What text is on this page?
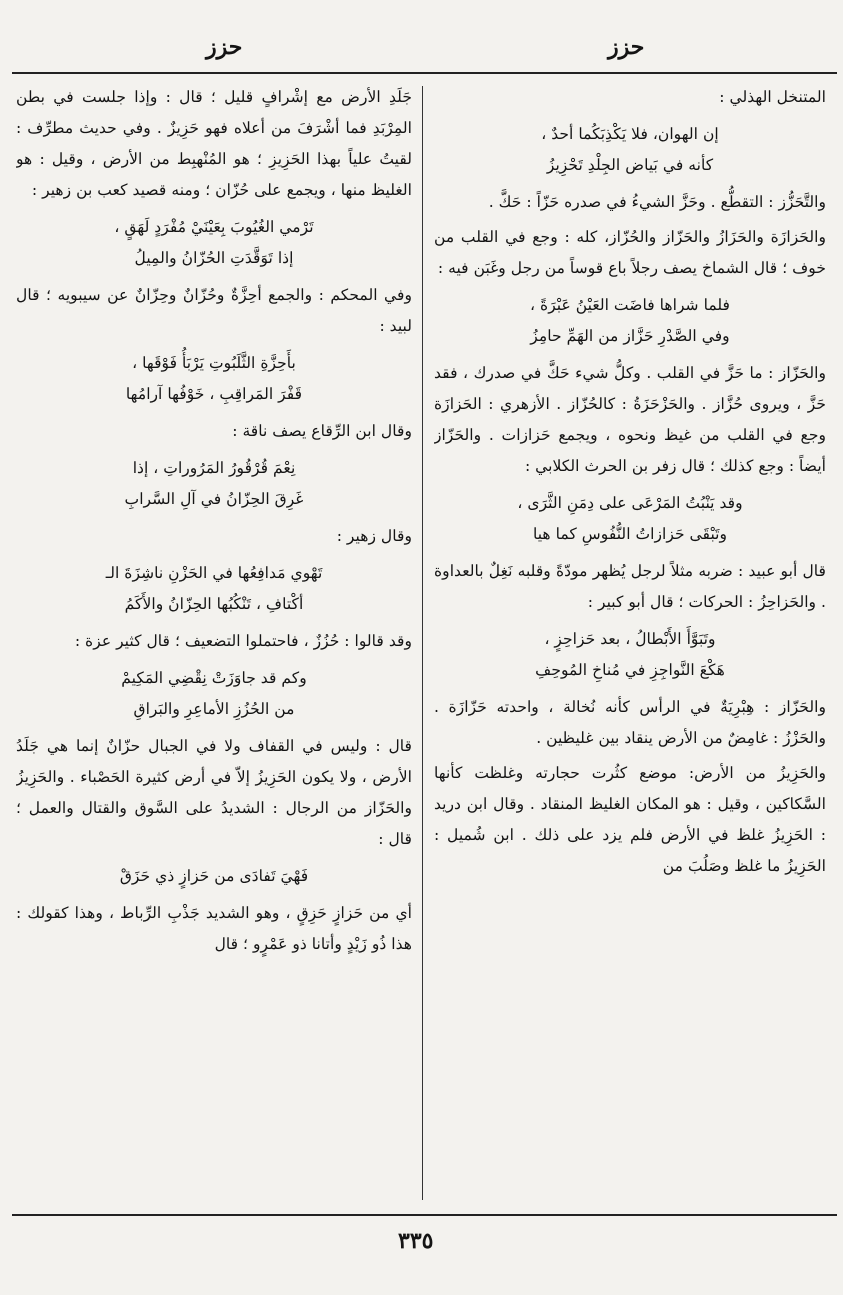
حزز
حزز
المتنخل الهذلي :
إن الهوان، فلا يَكْذِبَكُما أحدٌ ،
كأنه في بَياض الجِلْدِ تَحْزِيزُ
والتَّحَزُّز : التقطُّع . وحَزَّ الشيءُ في صدره حَزّاً : حَكَّ .
والحَزازَة والحَزَازُ والحَزّاز والحُزّاز، كله : وجع في القلب من خوف ؛ قال الشماخ يصف رجلاً باع قوساً من رجل وغَبَن فيه :
فلما شراها فاضَت العَيْنُ عَبْرَةً ،
وفي الصَّدْرِ حَزَّاز من الهَمِّ حامِزُ
والحَزّاز : ما حَزَّ في القلب . وكلُّ شيء حَكَّ في صدرك ، فقد حَزَّ ، ويروى حُزَّاز . والحَزْحَزَةُ : كالحُزّاز . الأزهري : الحَزازَة وجع في القلب من غيظ ونحوه ، ويجمع حَزازات . والحَزّاز أيضاً : وجع كذلك ؛ قال زفر بن الحرث الكلابي :
وقد يَنْبُتُ المَرْعَى على دِمَنِ الثَّرَى ،
وتَبْقَى حَزازاتُ النُّفُوسِ كما هيا
قال أبو عبيد : ضربه مثلاً لرجل يُظهر مودّةً وقلبه نَغِلٌ بالعداوة . والحَزاحِزُ : الحركات ؛ قال أبو كبير :
وتَبَوَّأَ الأَبْطالُ ، بعد حَزاحِزٍ ،
هَكْعَ النَّواجِزِ في مُناخِ المُوحِفِ
والحَزّاز : هِبْرِيَةٌ في الرأس كأنه نُخالة ، واحدته حَزّازَة . والحَزْزُ : غامِضٌ من الأرض ينقاد بين غليظين .
والحَزِيزُ من الأرض: موضع كثُرت حجارته وغلظت كأنها السَّكاكين ، وقيل : هو المكان الغليظ المنقاد . وقال ابن دريد : الحَزِيزُ غلظ في الأرض فلم يزد على ذلك . ابن شُميل : الحَزِيزُ ما غلظ وصَلُبَ من
جَلَدِ الأرض مع إشْرافٍ قليل ؛ قال : وإذا جلست في بطن المِرْبَدِ فما أشْرَفَ من أعلاه فهو حَزِيزٌ . وفي حديث مطرِّف : لقيتُ علياً بهذا الحَزِيزِ ؛ هو المُنْهبِط من الأرض ، وقيل : هو الغليظ منها ، ويجمع على حُزّان ؛ ومنه قصيد كعب بن زهير :
تَرْمي الغُيُوبَ بِعَيْنَيْ مُفْرَدٍ لَهَقٍ ،
إذا تَوَقَّدَتِ الحُزّانُ والمِيلُ
وفي المحكم : والجمع أحِزَّةٌ وحُزّانٌ وحِزّانٌ عن سيبويه ؛ قال لبيد :
بأَحِزَّةِ الثَّلَبُوتِ يَرْبَأُ فَوْقَها ،
قَفْرَ المَراقِبِ ، خَوْفُها آرامُها
وقال ابن الرِّقاع يصف ناقة :
نِعْمَ قُرْقُورُ المَرُوراتِ ، إذا
غَرِقَ الحِزّانُ في آلِ السَّرابِ
وقال زهير :
تَهْوي مَدافِعُها في الحَزْنِ ناشِزَةَ الـ
أكْتافِ ، تَنْكُبُها الحِزّانُ والأَكَمُ
وقد قالوا : حُزُزٌ ، فاحتملوا التضعيف ؛ قال كثير عزة :
وكم قد جاوَزَتْ نِقْضِي المَكِيمْ
من الحُزُزِ الأماعِرِ والبَراقِ
قال : وليس في القفاف ولا في الجبال حزّانٌ إنما هي جَلَدُ الأرض ، ولا يكون الحَزِيزُ إلاّ في أرض كثيرة الحَصْباء . والحَزِيزُ والحَزّاز من الرجال : الشديدُ على السَّوق والقتال والعمل ؛ قال :
فَهْيَ تَفادَى من حَزازٍ ذي حَزَقْ
أي من حَزازٍ حَزِقٍ ، وهو الشديد جَذْبِ الرِّباط ، وهذا كقولك : هذا ذُو زَيْدٍ وأتانا ذو عَمْرٍو ؛ قال
٣٣٥
